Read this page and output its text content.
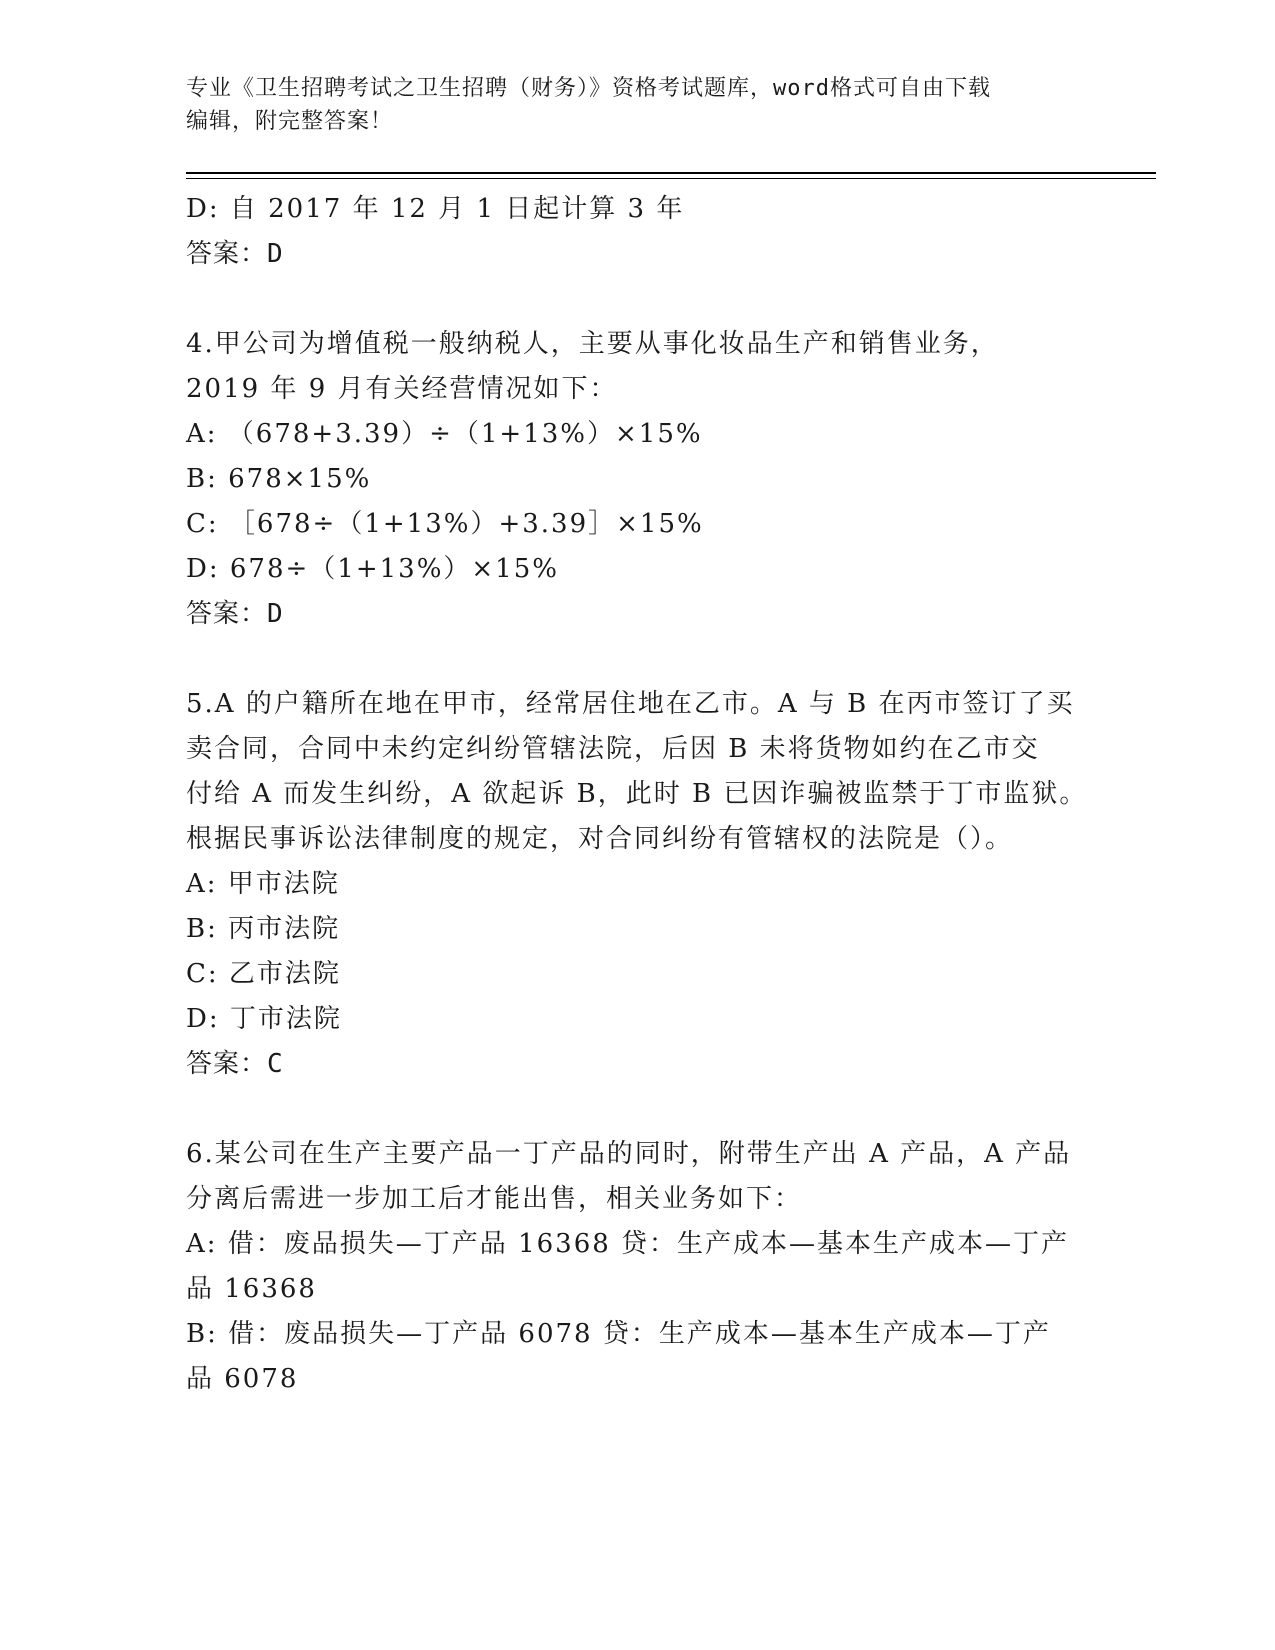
专业《卫生招聘考试之卫生招聘（财务）》资格考试题库，word格式可自由下载
编辑，附完整答案！
D: 自 2017 年 12 月 1 日起计算 3 年
答案：D
4.甲公司为增值税一般纳税人，主要从事化妆品生产和销售业务，
2019 年 9 月有关经营情况如下：
A: （678+3.39）÷（1+13%）×15%
B: 678×15%
C: ［678÷（1+13%）+3.39］×15%
D: 678÷（1+13%）×15%
答案：D
5.A 的户籍所在地在甲市，经常居住地在乙市。A 与 B 在丙市签订了买
卖合同，合同中未约定纠纷管辖法院，后因 B 未将货物如约在乙市交
付给 A 而发生纠纷，A 欲起诉 B，此时 B 已因诈骗被监禁于丁市监狱。
根据民事诉讼法律制度的规定，对合同纠纷有管辖权的法院是（）。
A: 甲市法院
B: 丙市法院
C: 乙市法院
D: 丁市法院
答案：C
6.某公司在生产主要产品一丁产品的同时，附带生产出 A 产品，A 产品
分离后需进一步加工后才能出售，相关业务如下：
A: 借：废品损失—丁产品 16368 贷：生产成本—基本生产成本—丁产
品 16368
B: 借：废品损失—丁产品 6078 贷：生产成本—基本生产成本—丁产
品 6078
